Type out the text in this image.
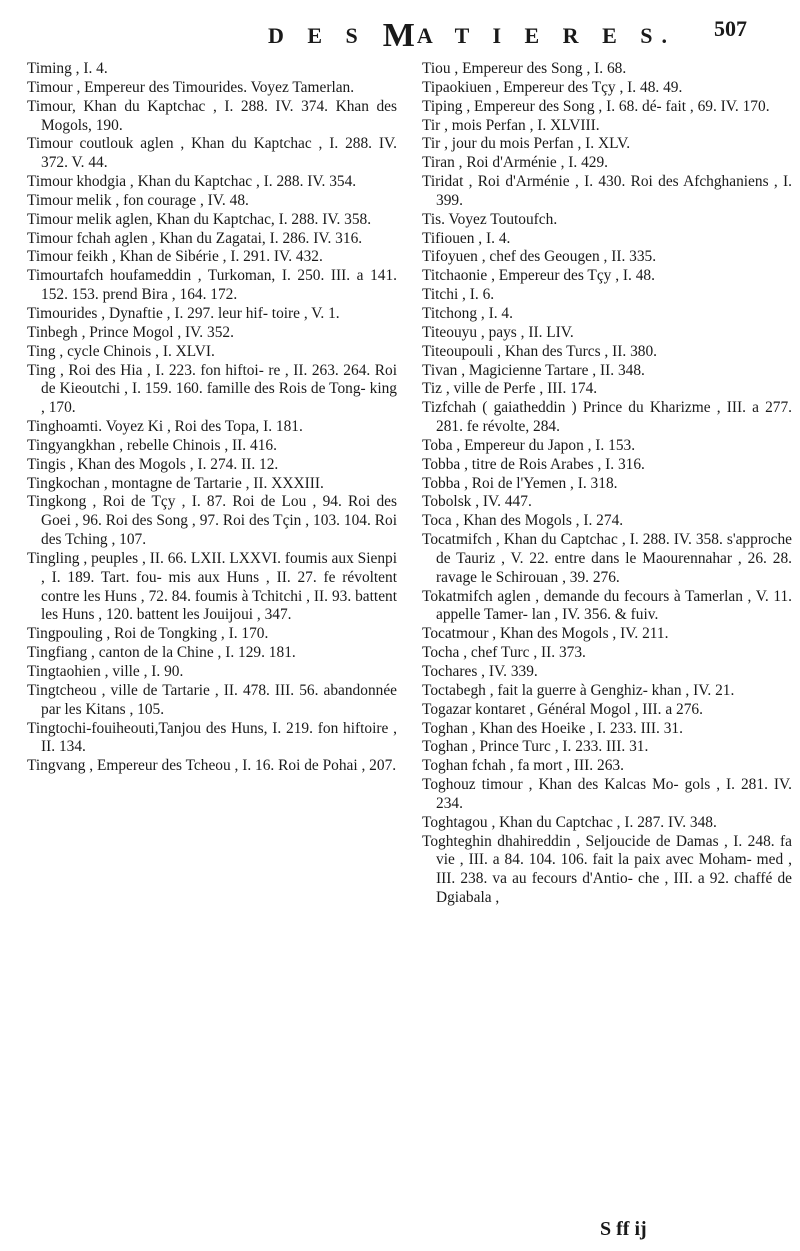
D E S MA T I E R E S. 507

Timing , I. 4.

Timour , Empereur des Timourides. Voyez Tamerlan.

Timour, Khan du Kaptchac , I. 288. IV. 374. Khan des Mogols, 190.

Timour coutlouk aglen , Khan du Kaptchac , I. 288. IV. 372. V. 44.

Timour khodgia , Khan du Kaptchac , I. 288. IV. 354.

Timour melik , fon courage , IV. 48.

Timour melik aglen, Khan du Kaptchac, I. 288. IV. 358.

Timour fchah aglen , Khan du Zagatai, I. 286. IV. 316.

Timour feikh , Khan de Sibérie , I. 291. IV. 432.

Timourtafch houfameddin , Turkoman, I. 250. III. a 141. 152. 153. prend Bira , 164. 172.

Timourides , Dynaftie , I. 297. leur hif- toire , V. 1.

Tinbegh , Prince Mogol , IV. 352.

Ting , cycle Chinois , I. XLVI.

Ting , Roi des Hia , I. 223. fon hiftoi- re , II. 263. 264. Roi de Kieoutchi , I. 159. 160. famille des Rois de Tong- king , 170.

Tinghoamti. Voyez Ki , Roi des Topa, I. 181.

Tingyangkhan , rebelle Chinois , II. 416.

Tingis , Khan des Mogols , I. 274. II. 12.

Tingkochan , montagne de Tartarie , II. XXXIII.

Tingkong , Roi de Tçy , I. 87. Roi de Lou , 94. Roi des Goei , 96. Roi des Song , 97. Roi des Tçin , 103. 104. Roi des Tching , 107.

Tingling , peuples , II. 66. LXII. LXXVI. foumis aux Sienpi , I. 189. Tart. fou- mis aux Huns , II. 27. fe révoltent contre les Huns , 72. 84. foumis à Tchitchi , II. 93. battent les Huns , 120. battent les Jouijoui , 347.

Tingpouling , Roi de Tongking , I. 170.

Tingfiang , canton de la Chine , I. 129. 181.

Tingtaohien , ville , I. 90.

Tingtcheou , ville de Tartarie , II. 478. III. 56. abandonnée par les Kitans , 105.

Tingtochi-fouiheouti,Tanjou des Huns, I. 219. fon hiftoire , II. 134.

Tingvang , Empereur des Tcheou , I. 16. Roi de Pohai , 207.

Tiou , Empereur des Song , I. 68.

Tipaokiuen , Empereur des Tçy , I. 48. 49.

Tiping , Empereur des Song , I. 68. dé- fait , 69. IV. 170.

Tir , mois Perfan , I. XLVIII.

Tir , jour du mois Perfan , I. XLV.

Tiran , Roi d'Arménie , I. 429.

Tiridat , Roi d'Arménie , I. 430. Roi des Afchghaniens , I. 399.

Tis. Voyez Toutoufch.

Tifiouen , I. 4.

Tifoyuen , chef des Geougen , II. 335.

Titchaonie , Empereur des Tçy , I. 48.

Titchi , I. 6.

Titchong , I. 4.

Titeouyu , pays , II. LIV.

Titeoupouli , Khan des Turcs , II. 380.

Tivan , Magicienne Tartare , II. 348.

Tiz , ville de Perfe , III. 174.

Tizfchah ( gaiatheddin ) Prince du Kharizme , III. a 277. 281. fe révolte, 284.

Toba , Empereur du Japon , I. 153.

Tobba , titre de Rois Arabes , I. 316.

Tobba , Roi de l'Yemen , I. 318.

Tobolsk , IV. 447.

Toca , Khan des Mogols , I. 274.

Tocatmifch , Khan du Captchac , I. 288. IV. 358. s'approche de Tauriz , V. 22. entre dans le Maourennahar , 26. 28. ravage le Schirouan , 39. 276.

Tokatmifch aglen , demande du fecours à Tamerlan , V. 11. appelle Tamer- lan , IV. 356. & fuiv.

Tocatmour , Khan des Mogols , IV. 211.

Tocha , chef Turc , II. 373.

Tochares , IV. 339.

Toctabegh , fait la guerre à Genghiz- khan , IV. 21.

Togazar kontaret , Général Mogol , III. a 276.

Toghan , Khan des Hoeike , I. 233. III. 31.

Toghan , Prince Turc , I. 233. III. 31.

Toghan fchah , fa mort , III. 263.

Toghouz timour , Khan des Kalcas Mo- gols , I. 281. IV. 234.

Toghtagou , Khan du Captchac , I. 287. IV. 348.

Toghteghin dhahireddin , Seljoucide de Damas , I. 248. fa vie , III. a 84. 104. 106. fait la paix avec Moham- med , III. 238. va au fecours d'Antio- che , III. a 92. chaffé de Dgiabala ,

S ff ij
